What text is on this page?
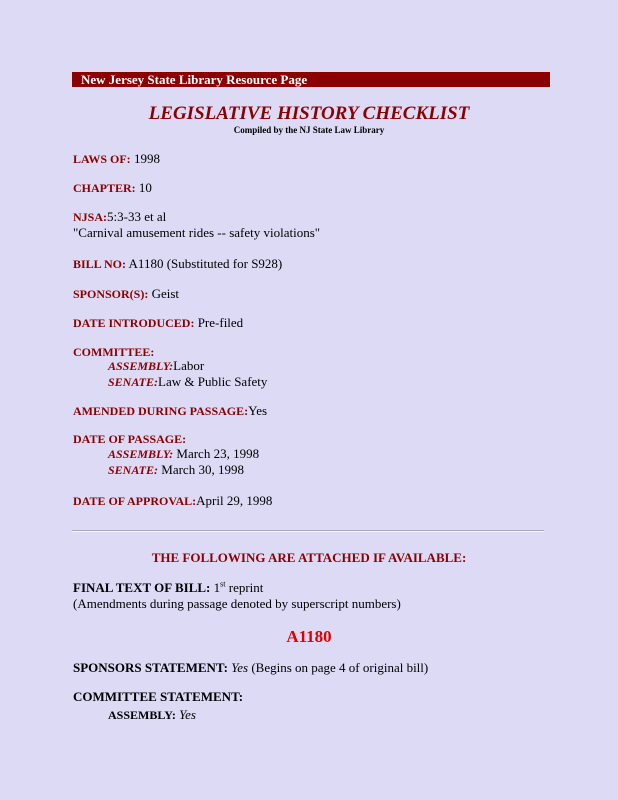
New Jersey State Library Resource Page
LEGISLATIVE HISTORY CHECKLIST
Compiled by the NJ State Law Library
LAWS OF: 1998
CHAPTER: 10
NJSA:5:3-33 et al
"Carnival amusement rides -- safety violations"
BILL NO: A1180 (Substituted for S928)
SPONSOR(S): Geist
DATE INTRODUCED: Pre-filed
COMMITTEE:
ASSEMBLY:Labor
SENATE:Law & Public Safety
AMENDED DURING PASSAGE:Yes
DATE OF PASSAGE:
ASSEMBLY: March 23, 1998
SENATE: March 30, 1998
DATE OF APPROVAL:April 29, 1998
THE FOLLOWING ARE ATTACHED IF AVAILABLE:
FINAL TEXT OF BILL: 1st reprint
(Amendments during passage denoted by superscript numbers)
A1180
SPONSORS STATEMENT: Yes (Begins on page 4 of original bill)
COMMITTEE STATEMENT:
ASSEMBLY: Yes
